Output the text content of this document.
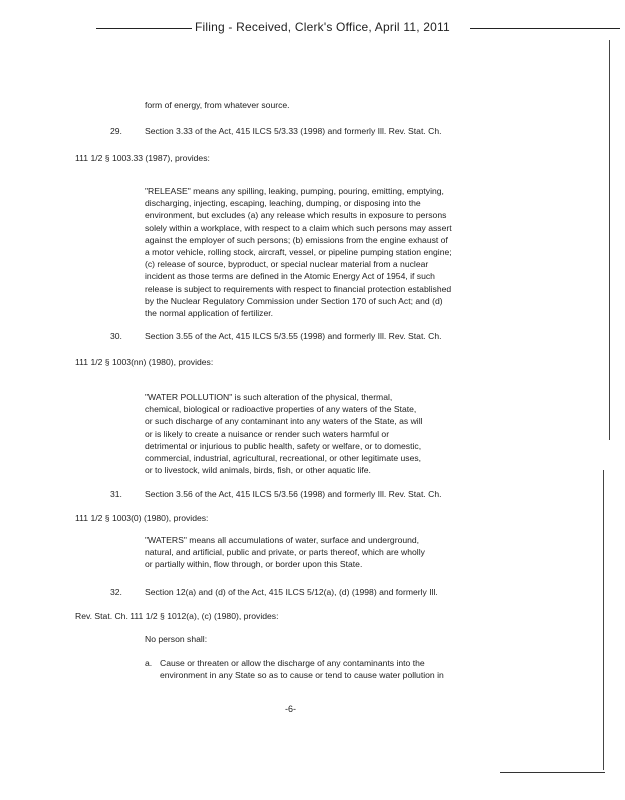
Filing - Received, Clerk's Office, April 11, 2011
form of energy, from whatever source.
29.	Section 3.33 of the Act, 415 ILCS 5/3.33 (1998) and formerly Ill. Rev. Stat. Ch.
111 1/2 § 1003.33 (1987), provides:
"RELEASE" means any spilling, leaking, pumping, pouring, emitting, emptying,
discharging, injecting, escaping, leaching, dumping, or disposing into the
environment, but excludes (a) any release which results in exposure to persons
solely within a workplace, with respect to a claim which such persons may assert
against the employer of such persons; (b) emissions from the engine exhaust of
a motor vehicle, rolling stock, aircraft, vessel, or pipeline pumping station engine;
(c) release of source, byproduct, or special nuclear material from a nuclear
incident as those terms are defined in the Atomic Energy Act of 1954, if such
release is subject to requirements with respect to financial protection established
by the Nuclear Regulatory Commission under Section 170 of such Act; and (d)
the normal application of fertilizer.
30.	Section 3.55 of the Act, 415 ILCS 5/3.55 (1998) and formerly Ill. Rev. Stat. Ch.
111 1/2 § 1003(nn) (1980), provides:
"WATER POLLUTION" is such alteration of the physical, thermal,
chemical, biological or radioactive properties of any waters of the State,
or such discharge of any contaminant into any waters of the State, as will
or is likely to create a nuisance or render such waters harmful or
detrimental or injurious to public health, safety or welfare, or to domestic,
commercial, industrial, agricultural, recreational, or other legitimate uses,
or to livestock, wild animals, birds, fish, or other aquatic life.
31.	Section 3.56 of the Act, 415 ILCS 5/3.56 (1998) and formerly Ill. Rev. Stat. Ch.
111 1/2 § 1003(0) (1980), provides:
"WATERS" means all accumulations of water, surface and underground,
natural, and artificial, public and private, or parts thereof, which are wholly
or partially within, flow through, or border upon this State.
32.	Section 12(a) and (d) of the Act, 415 ILCS 5/12(a), (d) (1998) and formerly Ill.
Rev. Stat. Ch. 111 1/2 § 1012(a), (c) (1980), provides:
No person shall:
a. Cause or threaten or allow the discharge of any contaminants into the
environment in any State so as to cause or tend to cause water pollution in
-6-
